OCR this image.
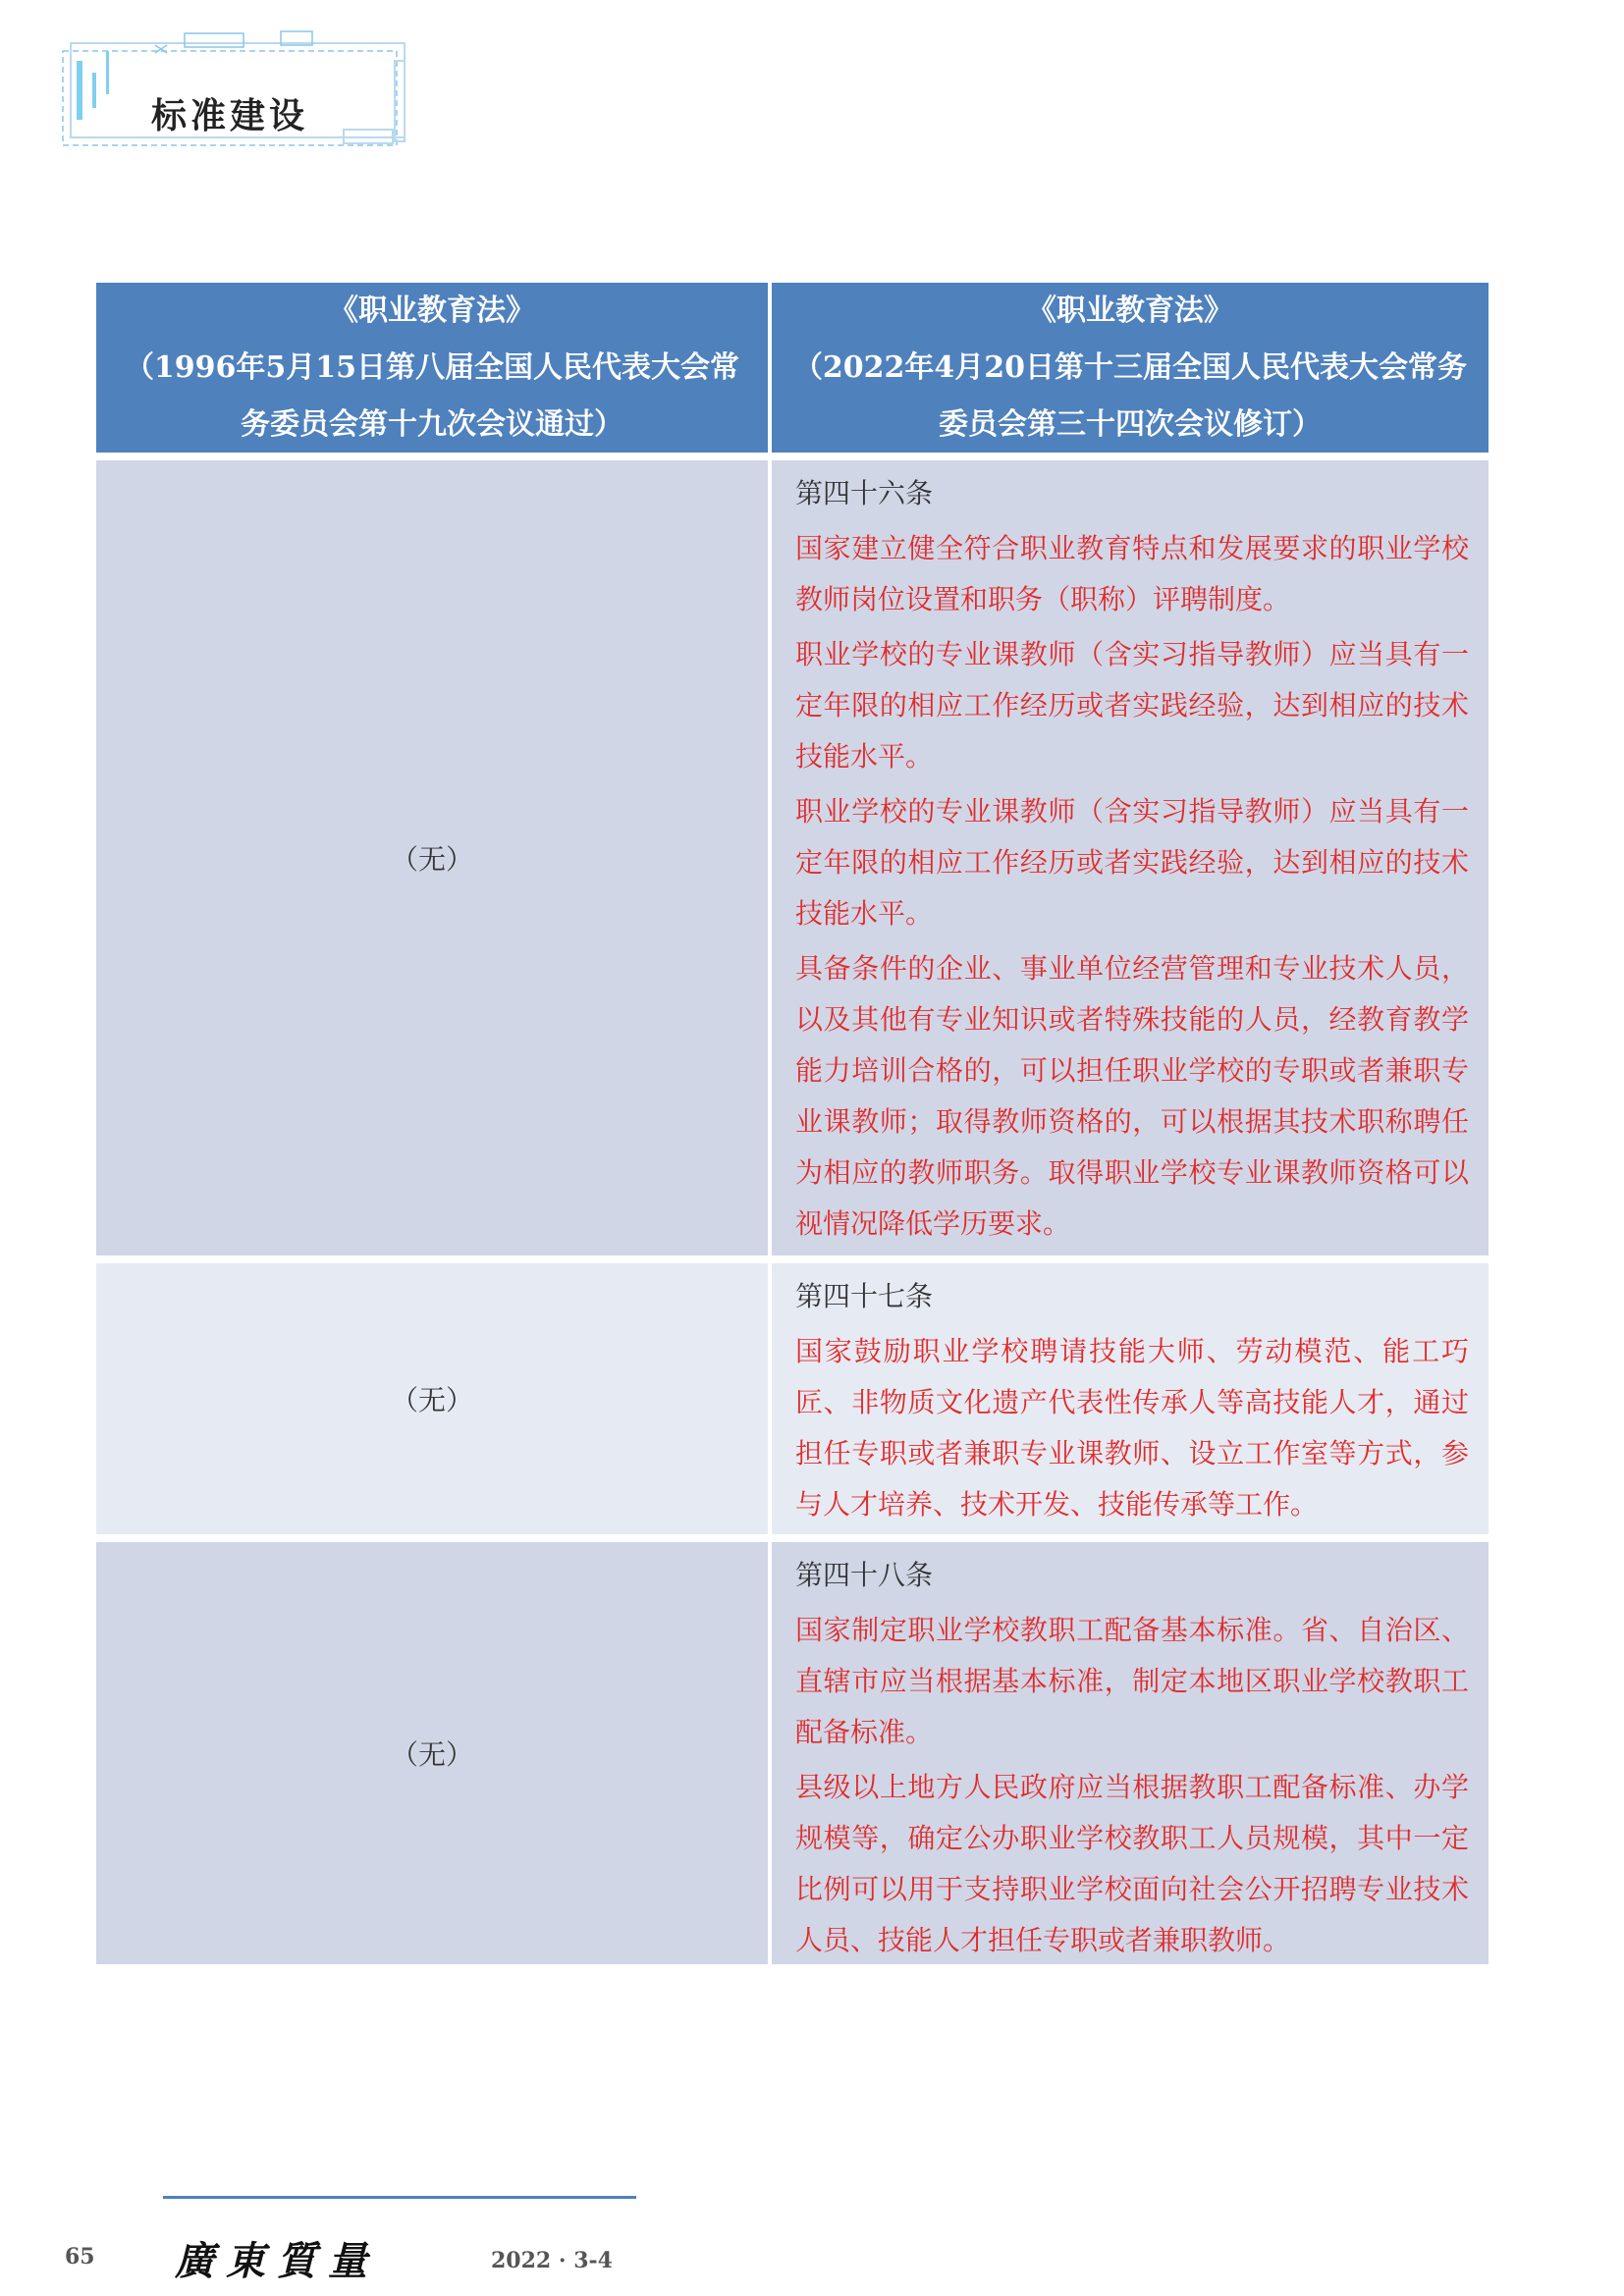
标准建设
《职业教育法》
（1996年5月15日第八届全国人民代表大会常
务委员会第十九次会议通过）
《职业教育法》
（2022年4月20日第十三届全国人民代表大会常务
委员会第三十四次会议修订）
（无）
第四十六条
国家建立健全符合职业教育特点和发展要求的职业学校教师岗位设置和职务（职称）评聘制度。
职业学校的专业课教师（含实习指导教师）应当具有一定年限的相应工作经历或者实践经验，达到相应的技术技能水平。
职业学校的专业课教师（含实习指导教师）应当具有一定年限的相应工作经历或者实践经验，达到相应的技术技能水平。
具备条件的企业、事业单位经营管理和专业技术人员，以及其他有专业知识或者特殊技能的人员，经教育教学能力培训合格的，可以担任职业学校的专职或者兼职专业课教师；取得教师资格的，可以根据其技术职称聘任为相应的教师职务。取得职业学校专业课教师资格可以视情况降低学历要求。
（无）
第四十七条
国家鼓励职业学校聘请技能大师、劳动模范、能工巧匠、非物质文化遗产代表性传承人等高技能人才，通过担任专职或者兼职专业课教师、设立工作室等方式，参与人才培养、技术开发、技能传承等工作。
（无）
第四十八条
国家制定职业学校教职工配备基本标准。省、自治区、直辖市应当根据基本标准，制定本地区职业学校教职工配备标准。
县级以上地方人民政府应当根据教职工配备标准、办学规模等，确定公办职业学校教职工人员规模，其中一定比例可以用于支持职业学校面向社会公开招聘专业技术人员、技能人才担任专职或者兼职教师。
65 廣東質量	2022 · 3-4
